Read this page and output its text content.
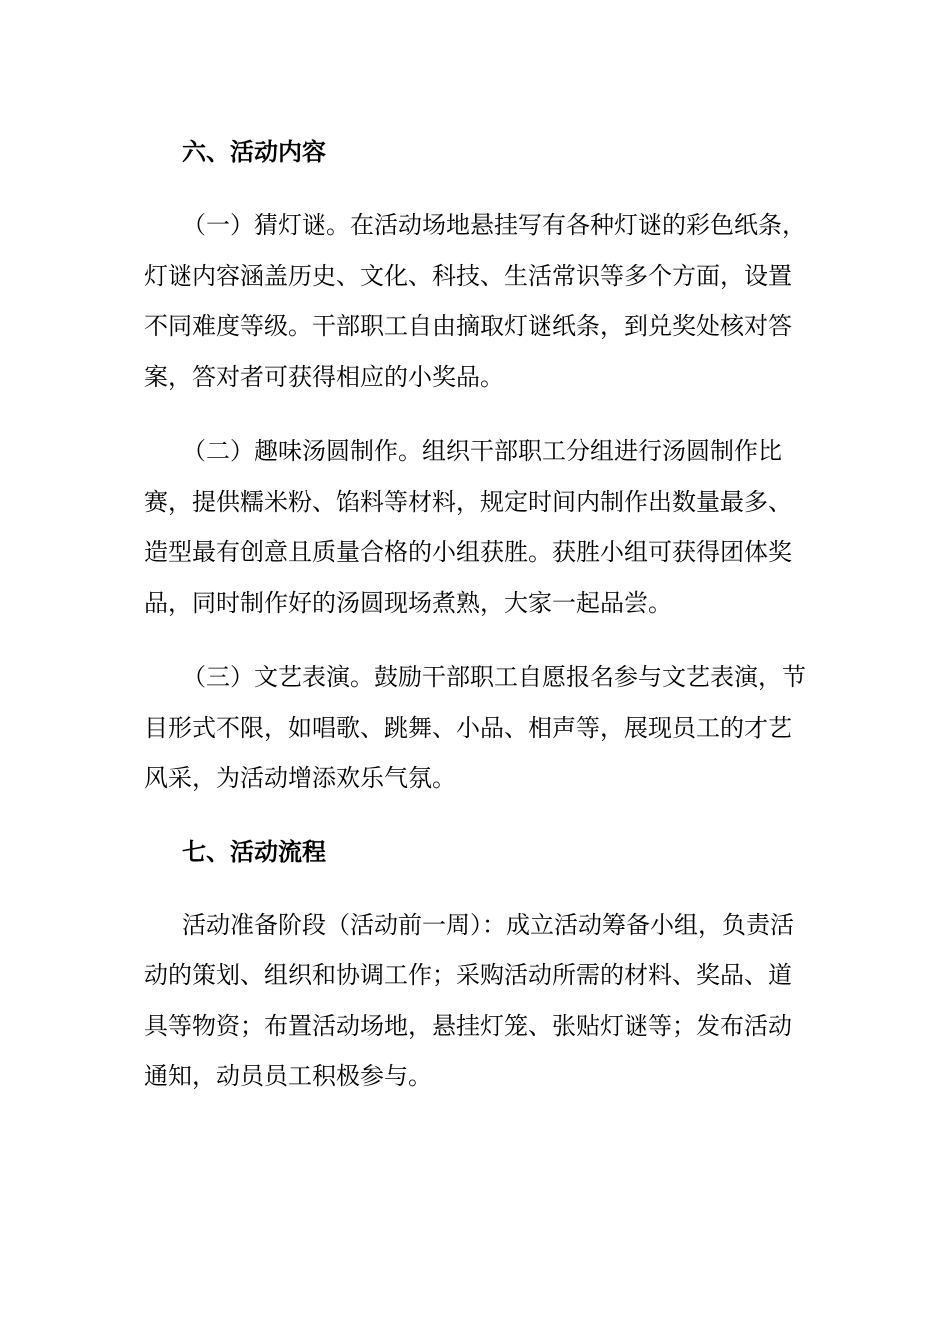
六、活动内容

（一）猜灯谜。在活动场地悬挂写有各种灯谜的彩色纸条，灯谜内容涵盖历史、文化、科技、生活常识等多个方面，设置不同难度等级。干部职工自由摘取灯谜纸条，到兑奖处核对答案，答对者可获得相应的小奖品。

（二）趣味汤圆制作。组织干部职工分组进行汤圆制作比赛，提供糯米粉、馅料等材料，规定时间内制作出数量最多、造型最有创意且质量合格的小组获胜。获胜小组可获得团体奖品，同时制作好的汤圆现场煮熟，大家一起品尝。

（三）文艺表演。鼓励干部职工自愿报名参与文艺表演，节目形式不限，如唱歌、跳舞、小品、相声等，展现员工的才艺风采，为活动增添欢乐气氛。

七、活动流程

活动准备阶段（活动前一周）：成立活动筹备小组，负责活动的策划、组织和协调工作；采购活动所需的材料、奖品、道具等物资；布置活动场地，悬挂灯笼、张贴灯谜等；发布活动通知，动员员工积极参与。
